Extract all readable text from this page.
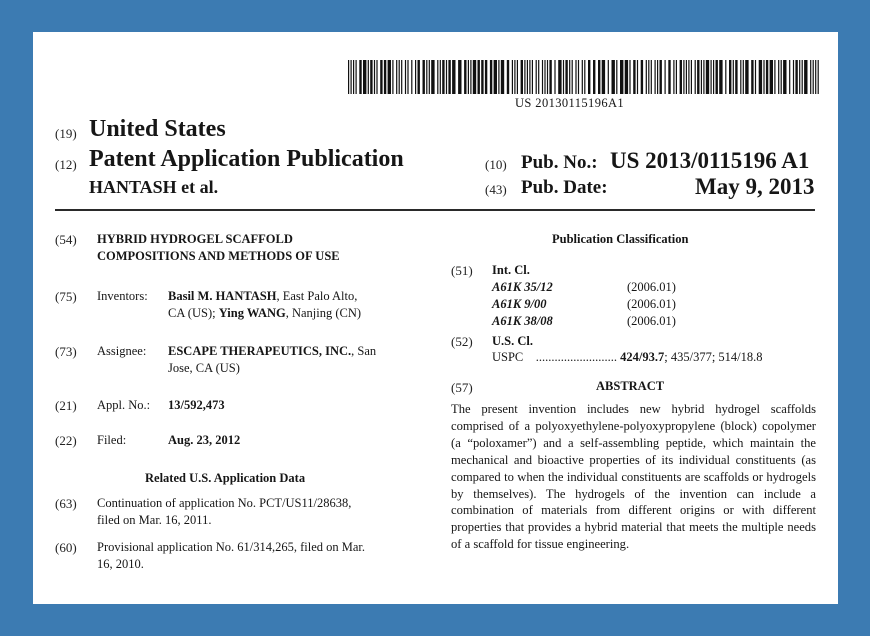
US 20130115196A1
(19) United States
(12) Patent Application Publication
HANTASH et al.
(10) Pub. No.: US 2013/0115196 A1
(43) Pub. Date:	May 9, 2013
(54) HYBRID HYDROGEL SCAFFOLD
COMPOSITIONS AND METHODS OF USE
(75) Inventors: Basil M. HANTASH, East Palo Alto,
CA (US); Ying WANG, Nanjing (CN)
(73) Assignee: ESCAPE THERAPEUTICS, INC., San
Jose, CA (US)
(21) Appl. No.: 13/592,473
(22) Filed:	Aug. 23, 2012
Related U.S. Application Data
(63) Continuation of application No. PCT/US11/28638,
filed on Mar. 16, 2011.
(60) Provisional application No. 61/314,265, filed on Mar.
16, 2010.
Publication Classification
(51) Int. Cl.
A61K 35/12	(2006.01)
A61K 9/00	(2006.01)
A61K 38/08	(2006.01)
(52) U.S. Cl.
USPC .......................... 424/93.7; 435/377; 514/18.8
(57)	ABSTRACT
The present invention includes new hybrid hydrogel scaffolds comprised of a polyoxyethylene-polyoxypropylene (block) copolymer (a “poloxamer”) and a self-assembling peptide, which maintain the mechanical and bioactive properties of its individual constituents (as compared to when the individual constituents are scaffolds or hydrogels by themselves). The hydrogels of the invention can include a combination of materials from different origins or with different properties that provides a hybrid material that meets the multiple needs of a scaffold for tissue engineering.
